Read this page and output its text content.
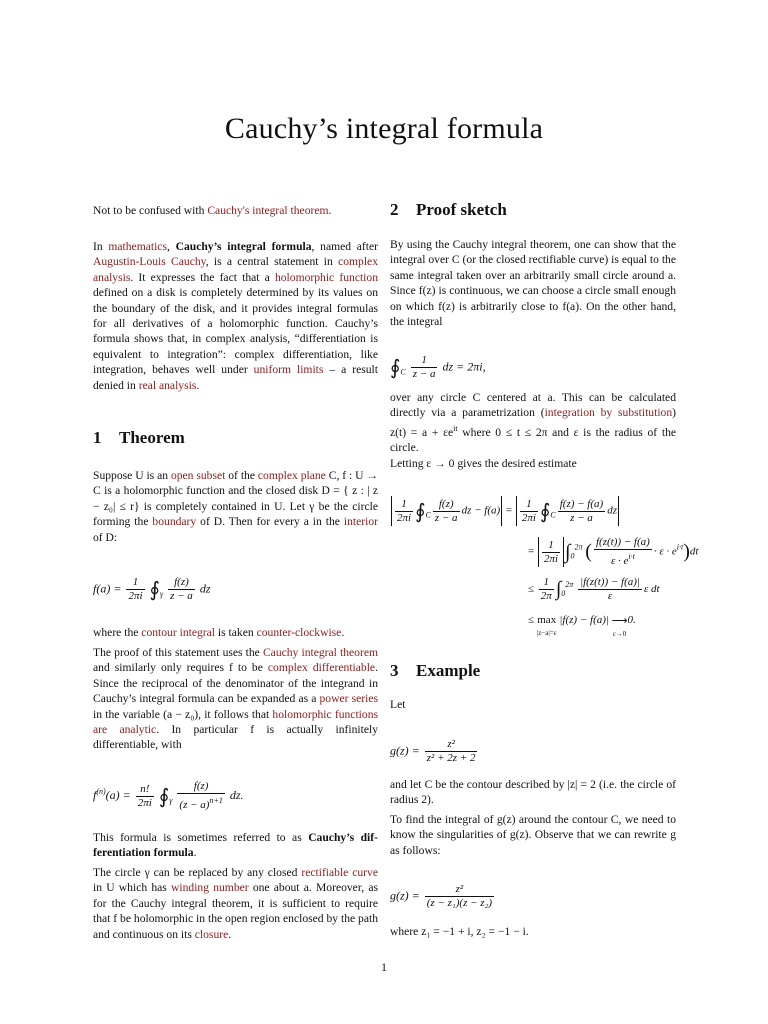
Cauchy’s integral formula

Not to be confused with Cauchy's integral theorem.

In mathematics, Cauchy’s integral formula, named after Augustin-Louis Cauchy, is a central statement in complex analysis. It expresses the fact that a holomorphic function defined on a disk is completely determined by its values on the boundary of the disk, and it provides integral formulas for all derivatives of a holomorphic function. Cauchy’s formula shows that, in complex analysis, “differentiation is equivalent to integration”: complex differentiation, like integration, behaves well under uniform limits – a result denied in real analysis.

1 Theorem

Suppose U is an open subset of the complex plane C, f : U → C is a holomorphic function and the closed disk D = { z : | z − z₀| ≤ r} is completely contained in U. Let γ be the circle forming the boundary of D. Then for every a in the interior of D:

$f(a) = \frac{1}{2\pi i}$ $∮_\gamma \frac{f(z)}{z - a}$ dz

where the contour integral is taken counter-clockwise.

The proof of this statement uses the Cauchy integral theorem and similarly only requires f to be complex differentiable. Since the reciprocal of the denominator of the integrand in Cauchy’s integral formula can be expanded as a power series in the variable (a − z₀), it follows that holomorphic functions are analytic. In particular f is actually infinitely differentiable, with

$f^{(n)}(a) = \frac{n!}{2\pi i}$ $∮_\gamma \frac{f(z)}{(z - a)^{n+1}}$ dz.

This formula is sometimes referred to as Cauchy’s differentiation formula.

The circle γ can be replaced by any closed rectifiable curve in U which has winding number one about a. Moreover, as for the Cauchy integral theorem, it is sufficient to require that f be holomorphic in the open region enclosed by the path and continuous on its closure.

2 Proof sketch

By using the Cauchy integral theorem, one can show that the integral over C (or the closed rectifiable curve) is equal to the same integral taken over an arbitrarily small circle around a. Since f(z) is continuous, we can choose a circle small enough on which f(z) is arbitrarily close to f(a). On the other hand, the integral

$∮_C \frac{1}{z - a}$ dz = 2πi,

over any circle C centered at a. This can be calculated directly via a parametrization (integration by substitution) $z(t) = a + \varepsilon e^{it}$ where 0 ≤ t ≤ 2π and ε is the radius of the circle.

Letting ε → 0 gives the desired estimate

$\frac{1}{2\pi i}$ $∮_C \frac{f(z)}{z - a}$ dz − $f(a) = \frac{1}{2\pi i}$ $∮_C \frac{f(z) - f(a)}{z - a}$ dz
= $\frac{1}{2\pi i} \int_0^{2\pi}$ ( $\frac{f(z(t)) - f(a)}{\varepsilon \cdot e^{i\cdot t}} \cdot \varepsilon \cdot e^{i\cdot t})dt$
≤ $\frac{1}{2\pi} \int_0^{2\pi} \frac{|f(z(t)) - f(a)|}{\varepsilon}$ ε dt
≤ max
|z−a|=ε |f(z) − f(a)| ⟶
ε→00.
3 Example

Let

$g(z) = \frac{\text{z²}}{\text{z² + 2z + 2}}$

and let C be the contour described by |z| = 2 (i.e. the circle of radius 2).

To find the integral of g(z) around the contour C, we need to know the singularities of g(z). Observe that we can rewrite g as follows:

$g(z) = \frac{\text{z²}}{\text{(z − z₁)(z − z₂)}}$

where z₁ = −1 + i, z₂ = −1 − i.

1
